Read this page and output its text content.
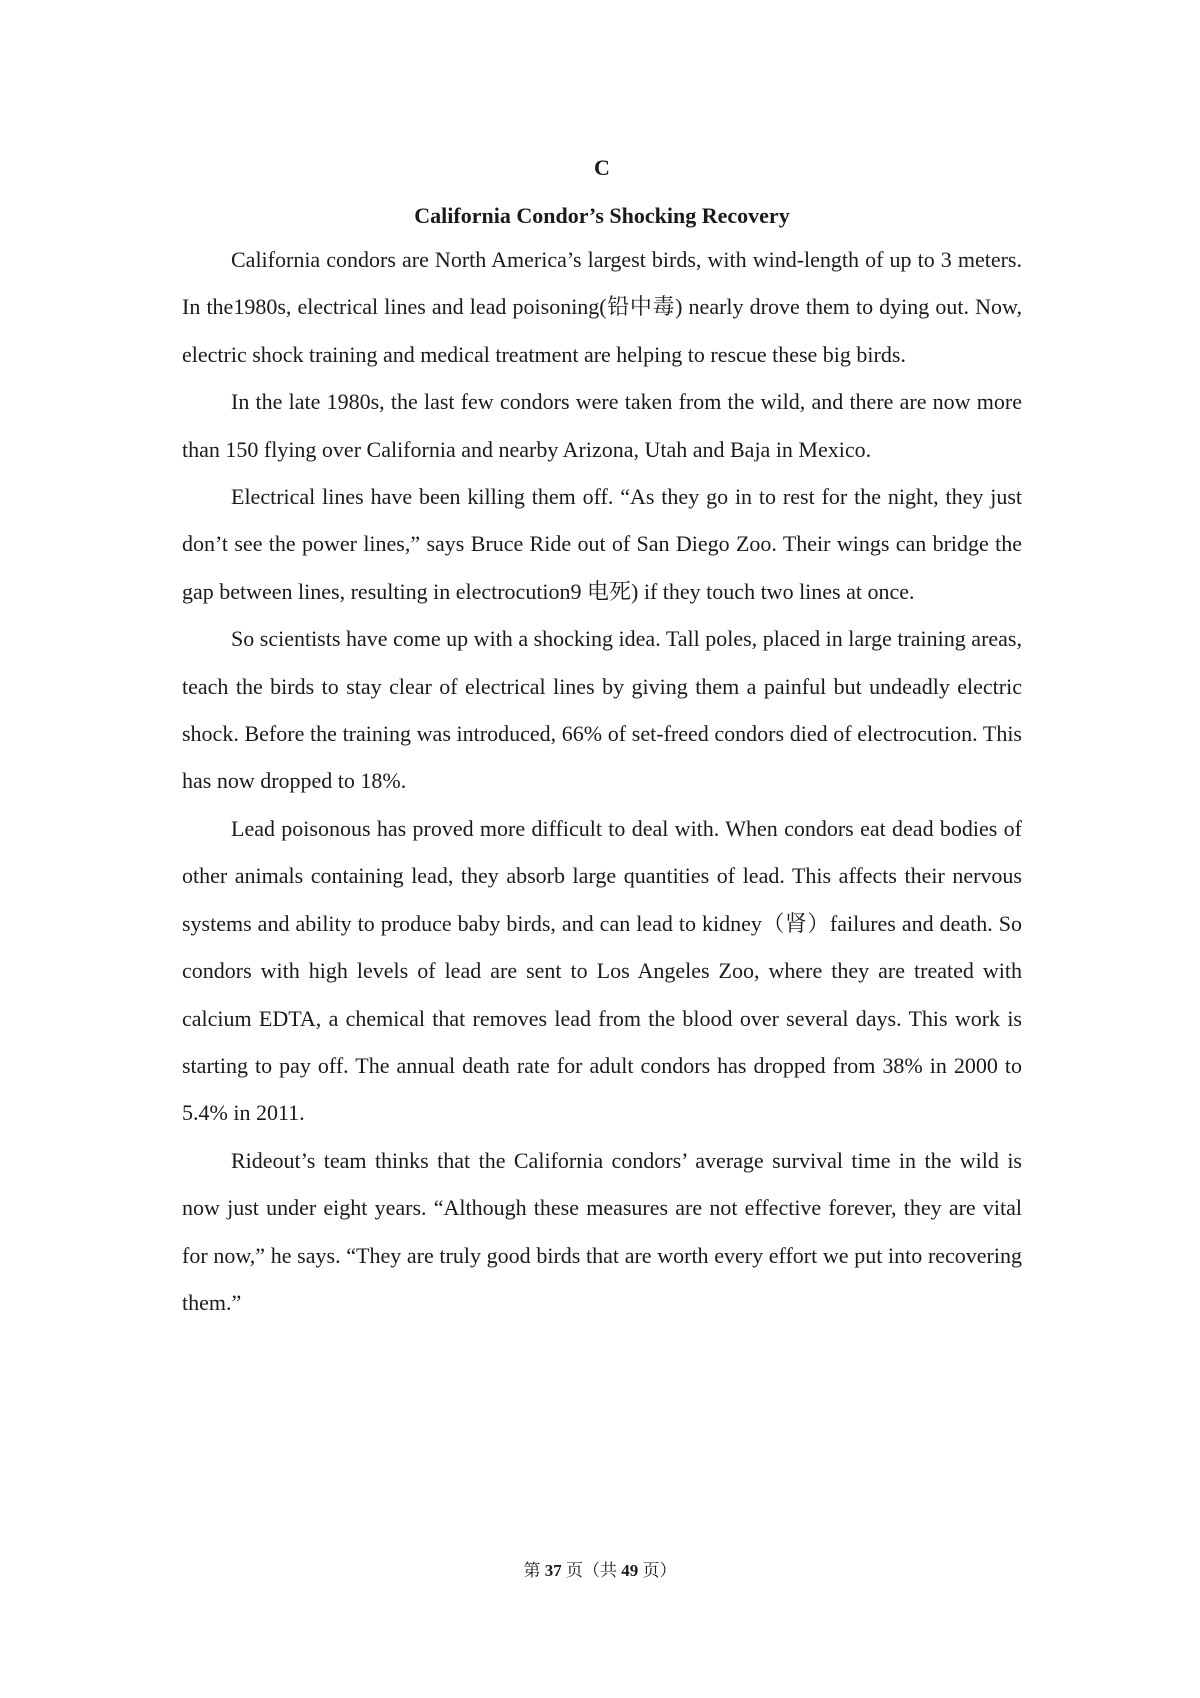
C
California Condor’s Shocking Recovery

California condors are North America’s largest birds, with wind-length of up to 3 meters. In the1980s, electrical lines and lead poisoning(铅中毒) nearly drove them to dying out. Now, electric shock training and medical treatment are helping to rescue these big birds.

In the late 1980s, the last few condors were taken from the wild, and there are now more than 150 flying over California and nearby Arizona, Utah and Baja in Mexico.

Electrical lines have been killing them off. “As they go in to rest for the night, they just don’t see the power lines,” says Bruce Ride out of San Diego Zoo. Their wings can bridge the gap between lines, resulting in electrocution9 电死) if they touch two lines at once.

So scientists have come up with a shocking idea. Tall poles, placed in large training areas, teach the birds to stay clear of electrical lines by giving them a painful but undeadly electric shock. Before the training was introduced, 66% of set-freed condors died of electrocution. This has now dropped to 18%.

Lead poisonous has proved more difficult to deal with. When condors eat dead bodies of other animals containing lead, they absorb large quantities of lead. This affects their nervous systems and ability to produce baby birds, and can lead to kidney（肾）failures and death. So condors with high levels of lead are sent to Los Angeles Zoo, where they are treated with calcium EDTA, a chemical that removes lead from the blood over several days. This work is starting to pay off. The annual death rate for adult condors has dropped from 38% in 2000 to 5.4% in 2011.

Rideout’s team thinks that the California condors’ average survival time in the wild is now just under eight years. “Although these measures are not effective forever, they are vital for now,” he says. “They are truly good birds that are worth every effort we put into recovering them.”

第 37 页（共 49 页）
